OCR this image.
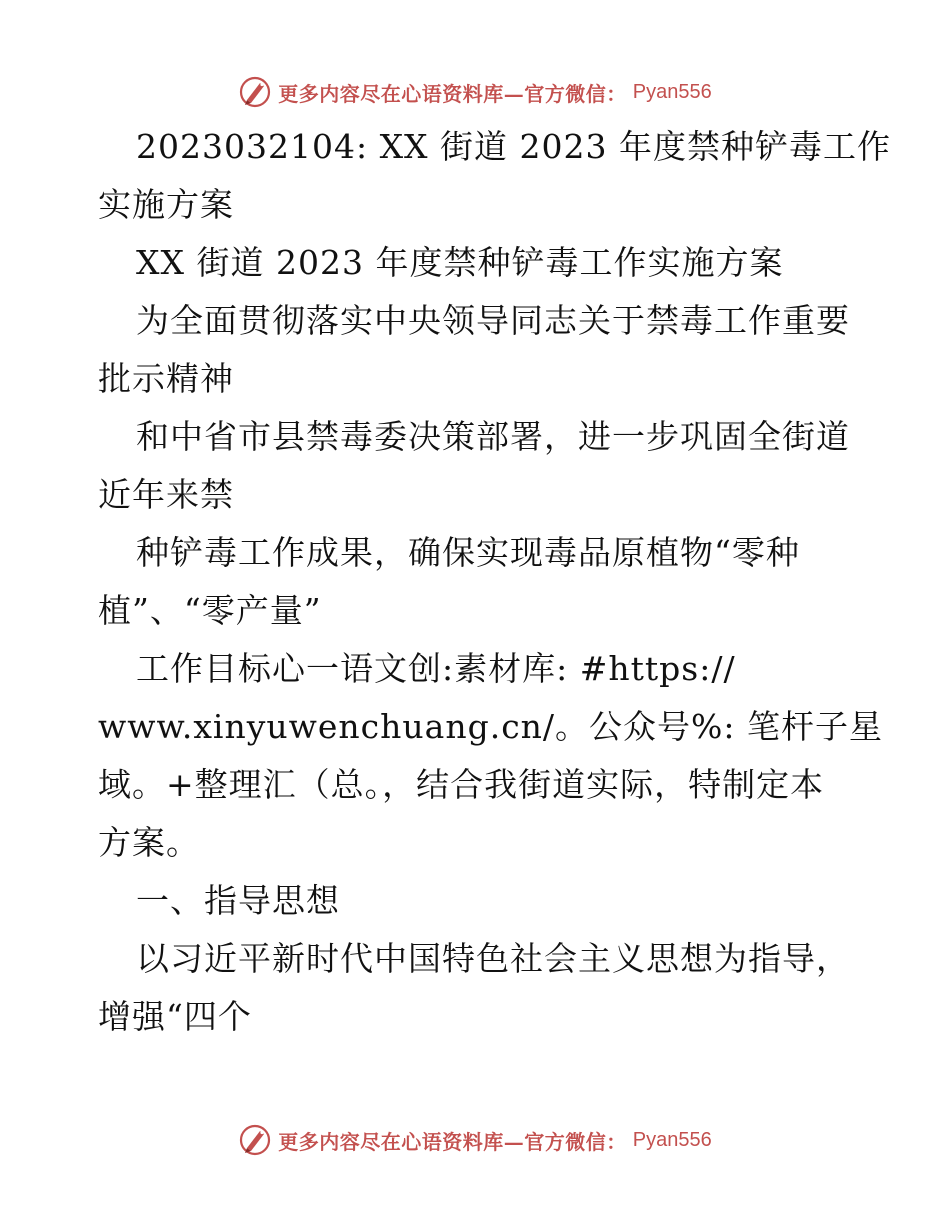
更多内容尽在心语资料库—官方微信： Pyan556
2023032104: XX 街道 2023 年度禁种铲毒工作
实施方案
XX 街道 2023 年度禁种铲毒工作实施方案
为全面贯彻落实中央领导同志关于禁毒工作重要
批示精神
和中省市县禁毒委决策部署，进一步巩固全街道
近年来禁
种铲毒工作成果，确保实现毒品原植物“零种
植”、“零产量”
工作目标心一语文创:素材库: #https://
www.xinyuwenchuang.cn/。公众号%: 笔杆子星
域。+整理汇（总。，结合我街道实际，特制定本
方案。
一、指导思想
以习近平新时代中国特色社会主义思想为指导，
增强“四个
更多内容尽在心语资料库—官方微信： Pyan556
